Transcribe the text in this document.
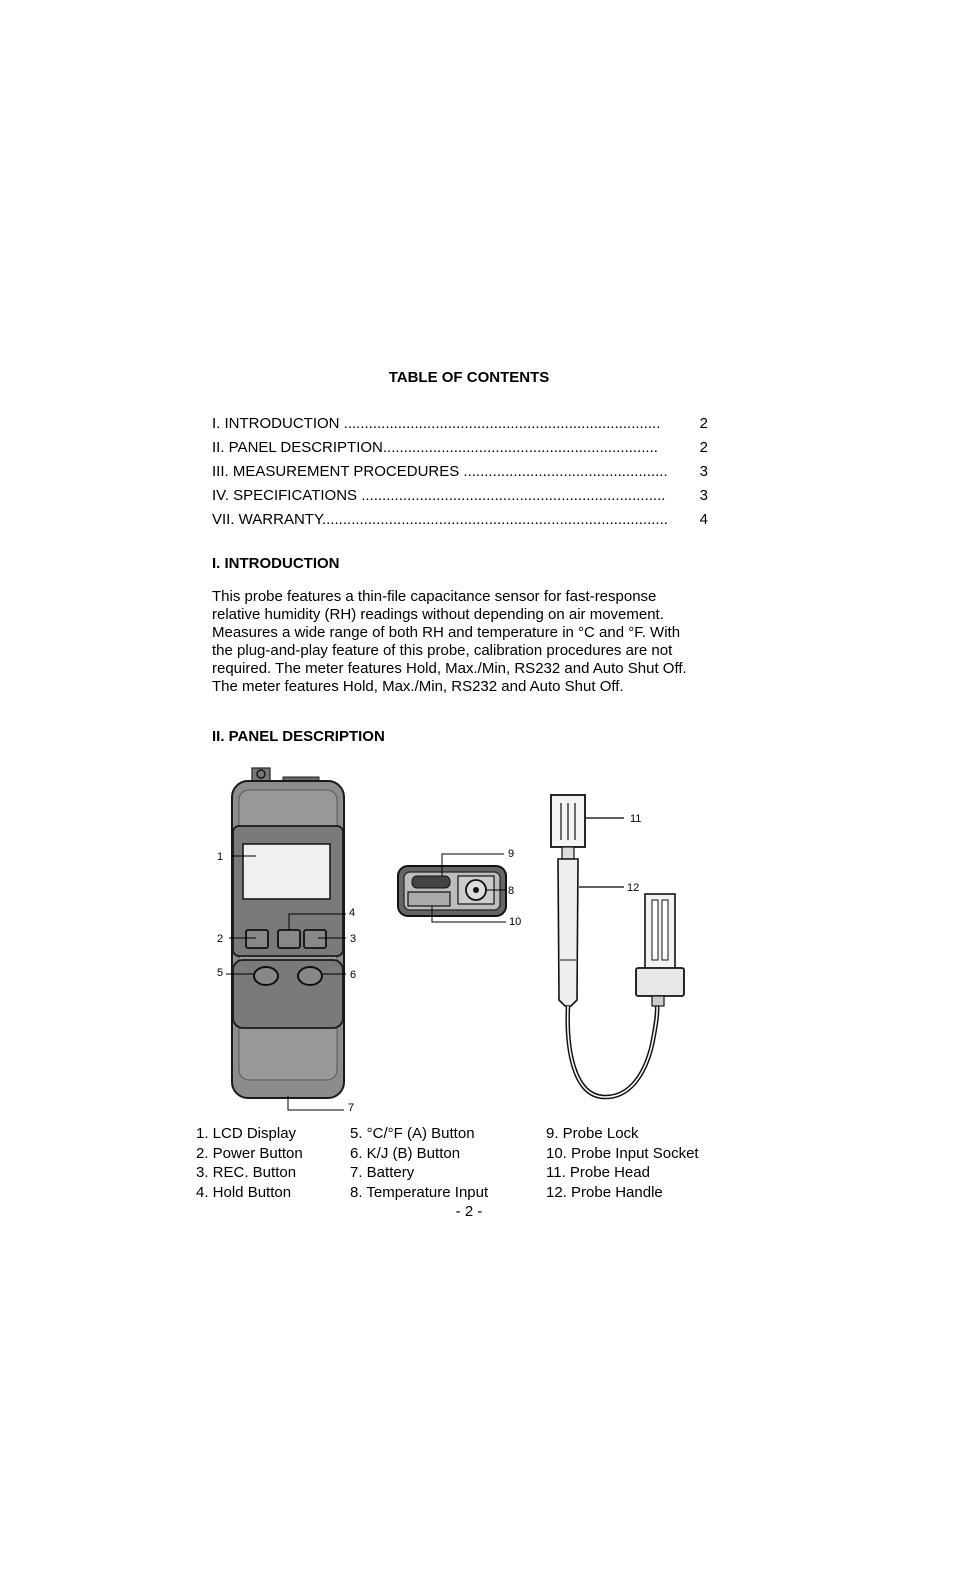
TABLE OF CONTENTS
I. INTRODUCTION ............................................................................	2
II. PANEL DESCRIPTION..................................................................	2
III. MEASUREMENT PROCEDURES ................................................. 3
IV. SPECIFICATIONS ......................................................................... 3
VII. WARRANTY................................................................................... 4
I. INTRODUCTION
This probe features a thin-file capacitance sensor for fast-response
relative humidity (RH) readings without depending on air movement.
Measures a wide range of both RH and temperature in °C and °F. With
the plug-and-play feature of this probe, calibration procedures are not
required. The meter features Hold, Max./Min, RS232 and Auto Shut Off.
The meter features Hold, Max./Min, RS232 and Auto Shut Off.
II. PANEL DESCRIPTION
1
2	3
4
5	6
7
8
9
10
11
12
1. LCD Display
2. Power Button
3. REC. Button
4. Hold Button
5. °C/°F (A) Button
6. K/J (B) Button
7. Battery
8. Temperature Input
9. Probe Lock
10. Probe Input Socket
11. Probe Head
12. Probe Handle
- 2 -
